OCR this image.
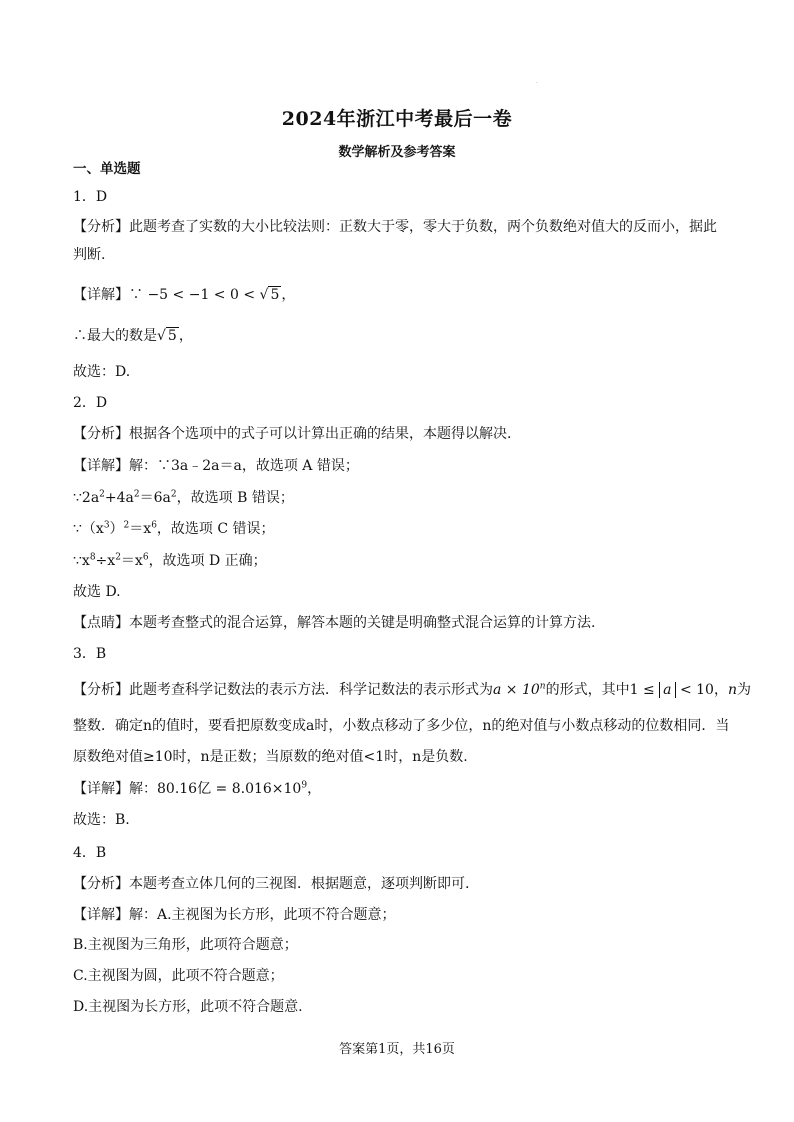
·
2024年浙江中考最后一卷
数学解析及参考答案
一、单选题
1．D
【分析】此题考查了实数的大小比较法则：正数大于零，零大于负数，两个负数绝对值大的反而小，据此
判断.
【详解】∵ −5 < −1 < 0 < √ 5 ，
∴最大的数是√ 5 ，
故选：D.
2．D
【分析】根据各个选项中的式子可以计算出正确的结果，本题得以解决.
【详解】解：∵3a﹣2a＝a，故选项 A 错误；
$\because 2a^2+4a^2=6a^2$，故选项 B 错误；
$\because(x^3)^2=x^6$，故选项 C 错误；
$\because x^8\div x^2=x^6$，故选项 D 正确；
故选 D.
【点睛】本题考查整式的混合运算，解答本题的关键是明确整式混合运算的计算方法.
3．B
【分析】此题考查科学记数法的表示方法．科学记数法的表示形式为$a \times 10^n$的形式，其中1 ≤ a < 10，n为
整数．确定n的值时，要看把原数变成a时，小数点移动了多少位，n的绝对值与小数点移动的位数相同．当
原数绝对值≥10时，n是正数；当原数的绝对值<1时，n是负数.
【详解】解：80.16亿 = $8.016\times 10^9$，
故选：B.
4．B
【分析】本题考查立体几何的三视图．根据题意，逐项判断即可.
【详解】解：A.主视图为长方形，此项不符合题意；
B.主视图为三角形，此项符合题意；
C.主视图为圆，此项不符合题意；
D.主视图为长方形，此项不符合题意.
答案第1页，共16页
